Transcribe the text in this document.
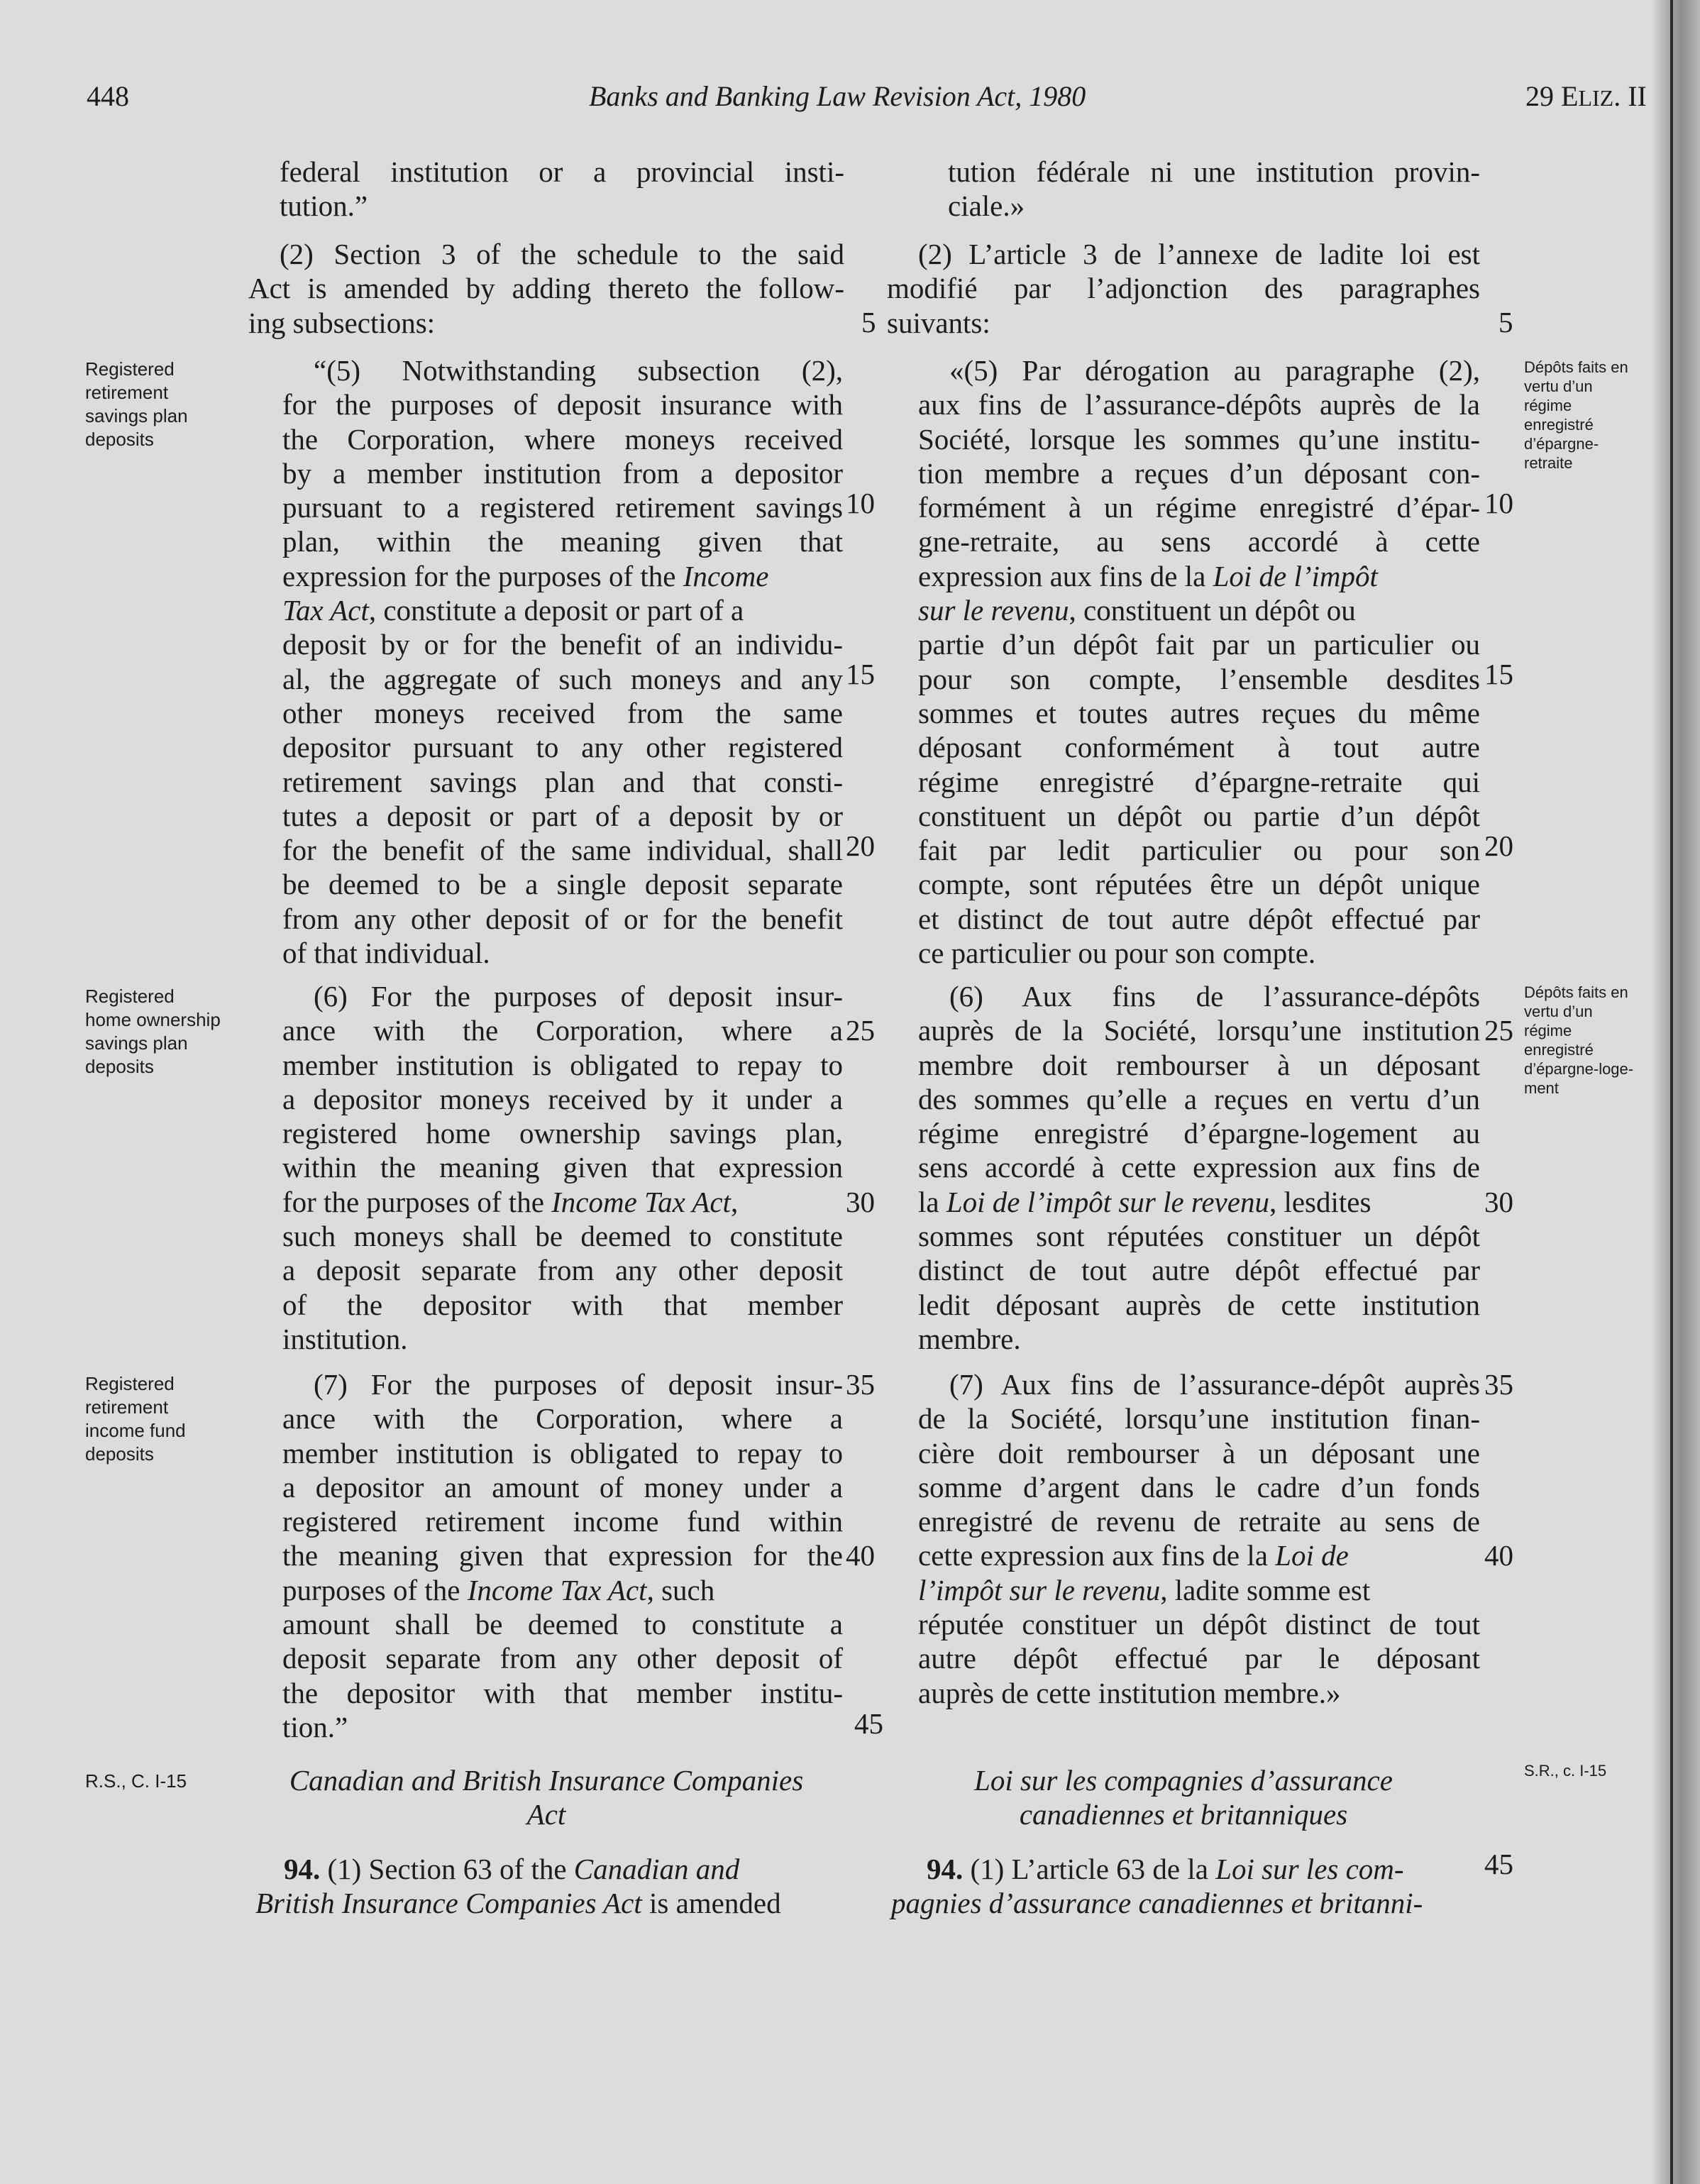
448	Banks and Banking Law Revision Act, 1980	29 ELIZ. II
federal institution or a provincial insti-
tution.”
(2) Section 3 of the schedule to the said
Act is amended by adding thereto the follow-
ing subsections:
“(5) Notwithstanding subsection (2),
for the purposes of deposit insurance with
the Corporation, where moneys received
by a member institution from a depositor
pursuant to a registered retirement savings
plan, within the meaning given that
expression for the purposes of the Income
Tax Act, constitute a deposit or part of a
deposit by or for the benefit of an individu-
al, the aggregate of such moneys and any
other moneys received from the same
depositor pursuant to any other registered
retirement savings plan and that consti-
tutes a deposit or part of a deposit by or
for the benefit of the same individual, shall
be deemed to be a single deposit separate
from any other deposit of or for the benefit
of that individual.
(6) For the purposes of deposit insur-
ance with the Corporation, where a
member institution is obligated to repay to
a depositor moneys received by it under a
registered home ownership savings plan,
within the meaning given that expression
for the purposes of the Income Tax Act,
such moneys shall be deemed to constitute
a deposit separate from any other deposit
of the depositor with that member
institution.
(7) For the purposes of deposit insur-
ance with the Corporation, where a
member institution is obligated to repay to
a depositor an amount of money under a
registered retirement income fund within
the meaning given that expression for the
purposes of the Income Tax Act, such
amount shall be deemed to constitute a
deposit separate from any other deposit of
the depositor with that member institu-
tion.”
Canadian and British Insurance Companies
Act
94. (1) Section 63 of the Canadian and
British Insurance Companies Act is amended
tution fédérale ni une institution provin-
ciale.»
(2) L’article 3 de l’annexe de ladite loi est
modifié par l’adjonction des paragraphes
suivants:
«(5) Par dérogation au paragraphe (2),
aux fins de l’assurance-dépôts auprès de la
Société, lorsque les sommes qu’une institu-
tion membre a reçues d’un déposant con-
formément à un régime enregistré d’épar-
gne-retraite, au sens accordé à cette
expression aux fins de la Loi de l’impôt
sur le revenu, constituent un dépôt ou
partie d’un dépôt fait par un particulier ou
pour son compte, l’ensemble desdites
sommes et toutes autres reçues du même
déposant conformément à tout autre
régime enregistré d’épargne-retraite qui
constituent un dépôt ou partie d’un dépôt
fait par ledit particulier ou pour son
compte, sont réputées être un dépôt unique
et distinct de tout autre dépôt effectué par
ce particulier ou pour son compte.
(6) Aux fins de l’assurance-dépôts
auprès de la Société, lorsqu’une institution
membre doit rembourser à un déposant
des sommes qu’elle a reçues en vertu d’un
régime enregistré d’épargne-logement au
sens accordé à cette expression aux fins de
la Loi de l’impôt sur le revenu, lesdites
sommes sont réputées constituer un dépôt
distinct de tout autre dépôt effectué par
ledit déposant auprès de cette institution
membre.
(7) Aux fins de l’assurance-dépôt auprès
de la Société, lorsqu’une institution finan-
cière doit rembourser à un déposant une
somme d’argent dans le cadre d’un fonds
enregistré de revenu de retraite au sens de
cette expression aux fins de la Loi de
l’impôt sur le revenu, ladite somme est
réputée constituer un dépôt distinct de tout
autre dépôt effectué par le déposant
auprès de cette institution membre.»
Loi sur les compagnies d’assurance
canadiennes et britanniques
94. (1) L’article 63 de la Loi sur les com-
pagnies d’assurance canadiennes et britanni-
5
10
15
20
25
30
35
40
45
5
10
15
20
25
30
35
40
45
Registered
retirement
savings plan
deposits
Registered
home ownership
savings plan
deposits
Registered
retirement
income fund
deposits
R.S., C. I-15
Dépôts faits en
vertu d’un
régime
enregistré
d’épargne-
retraite
Dépôts faits en
vertu d’un
régime
enregistré
d’épargne-loge-
ment
S.R., c. I-15
